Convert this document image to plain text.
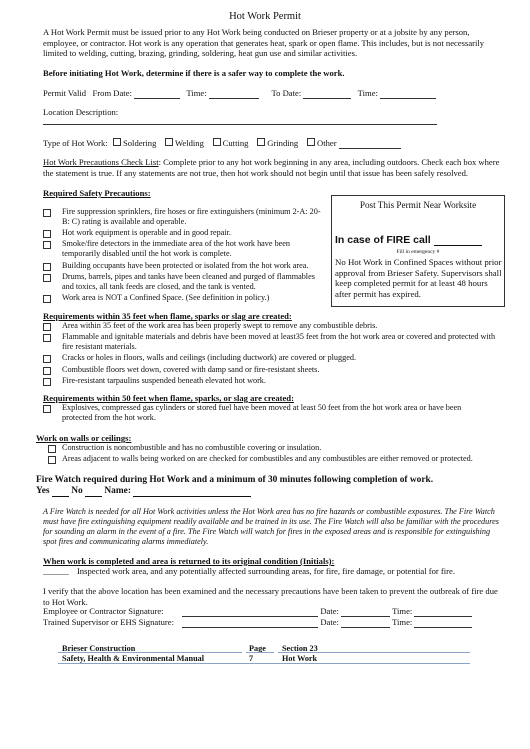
Hot Work Permit
A Hot Work Permit must be issued prior to any Hot Work being conducted on Brieser property or at a jobsite by any person, employee, or contractor. Hot work is any operation that generates heat, spark or open flame. This includes, but is not necessarily limited to welding, cutting, brazing, grinding, soldering, heat gun use and similar activities.
Before initiating Hot Work, determine if there is a safer way to complete the work.
Permit Valid From Date:	Time:	To Date:	Time:
Location Description:
Type of Hot Work: Soldering Welding Cutting Grinding Other
Hot Work Precautions Check List: Complete prior to any hot work beginning in any area, including outdoors. Check each box where the statement is true. If any statements are not true, then hot work should not begin until that issue has been safely resolved.
Required Safety Precautions:
Fire suppression sprinklers, fire hoses or fire extinguishers (minimum 2-A: 20-B: C) rating is available and operable.
Hot work equipment is operable and in good repair.
Smoke/fire detectors in the immediate area of the hot work have been temporarily disabled until the hot work is complete.
Building occupants have been protected or isolated from the hot work area.
Drums, barrels, pipes and tanks have been cleaned and purged of flammables and toxics, all tank feeds are closed, and the tank is vented.
Work area is NOT a Confined Space. (See definition in policy.)
Post This Permit Near Worksite
In case of FIRE call
Fill in emergency #
No Hot Work in Confined Spaces without prior approval from Brieser Safety. Supervisors shall keep completed permit for at least 48 hours after permit has expired.
Requirements within 35 feet when flame, sparks or slag are created:
Area within 35 feet of the work area has been properly swept to remove any combustible debris.
Flammable and ignitable materials and debris have been moved at least35 feet from the hot work area or covered and protected with fire resistant materials.
Cracks or holes in floors, walls and ceilings (including ductwork) are covered or plugged.
Combustible floors wet down, covered with damp sand or fire-resistant sheets.
Fire-resistant tarpaulins suspended beneath elevated hot work.
Requirements within 50 feet when flame, sparks, or slag are created:
Explosives, compressed gas cylinders or stored fuel have been moved at least 50 feet from the hot work area or have been protected from the hot work.
Work on walls or ceilings:
Construction is noncombustible and has no combustible covering or insulation.
Areas adjacent to walls being worked on are checked for combustibles and any combustibles are either removed or protected.
Fire Watch required during Hot Work and a minimum of 30 minutes following completion of work.
Yes No Name:
A Fire Watch is needed for all Hot Work activities unless the Hot Work area has no fire hazards or combustible exposures. The Fire Watch must have fire extinguishing equipment readily available and be trained in its use. The Fire Watch will also be familiar with the procedures for sounding an alarm in the event of a fire. The Fire Watch will watch for fires in the exposed areas and is responsible for extinguishing spot fires and communicating alarms immediately.
When work is completed and area is returned to its original condition (Initials):
______ Inspected work area, and any potentially affected surrounding areas, for fire, fire damage, or potential for fire.
I verify that the above location has been examined and the necessary precautions have been taken to prevent the outbreak of fire due to Hot Work.
Employee or Contractor Signature:	Date:	Time:
Trained Supervisor or EHS Signature:	Date:	Time:
Brieser Construction
Safety, Health & Environmental Manual
Page
7
Section 23
Hot Work
